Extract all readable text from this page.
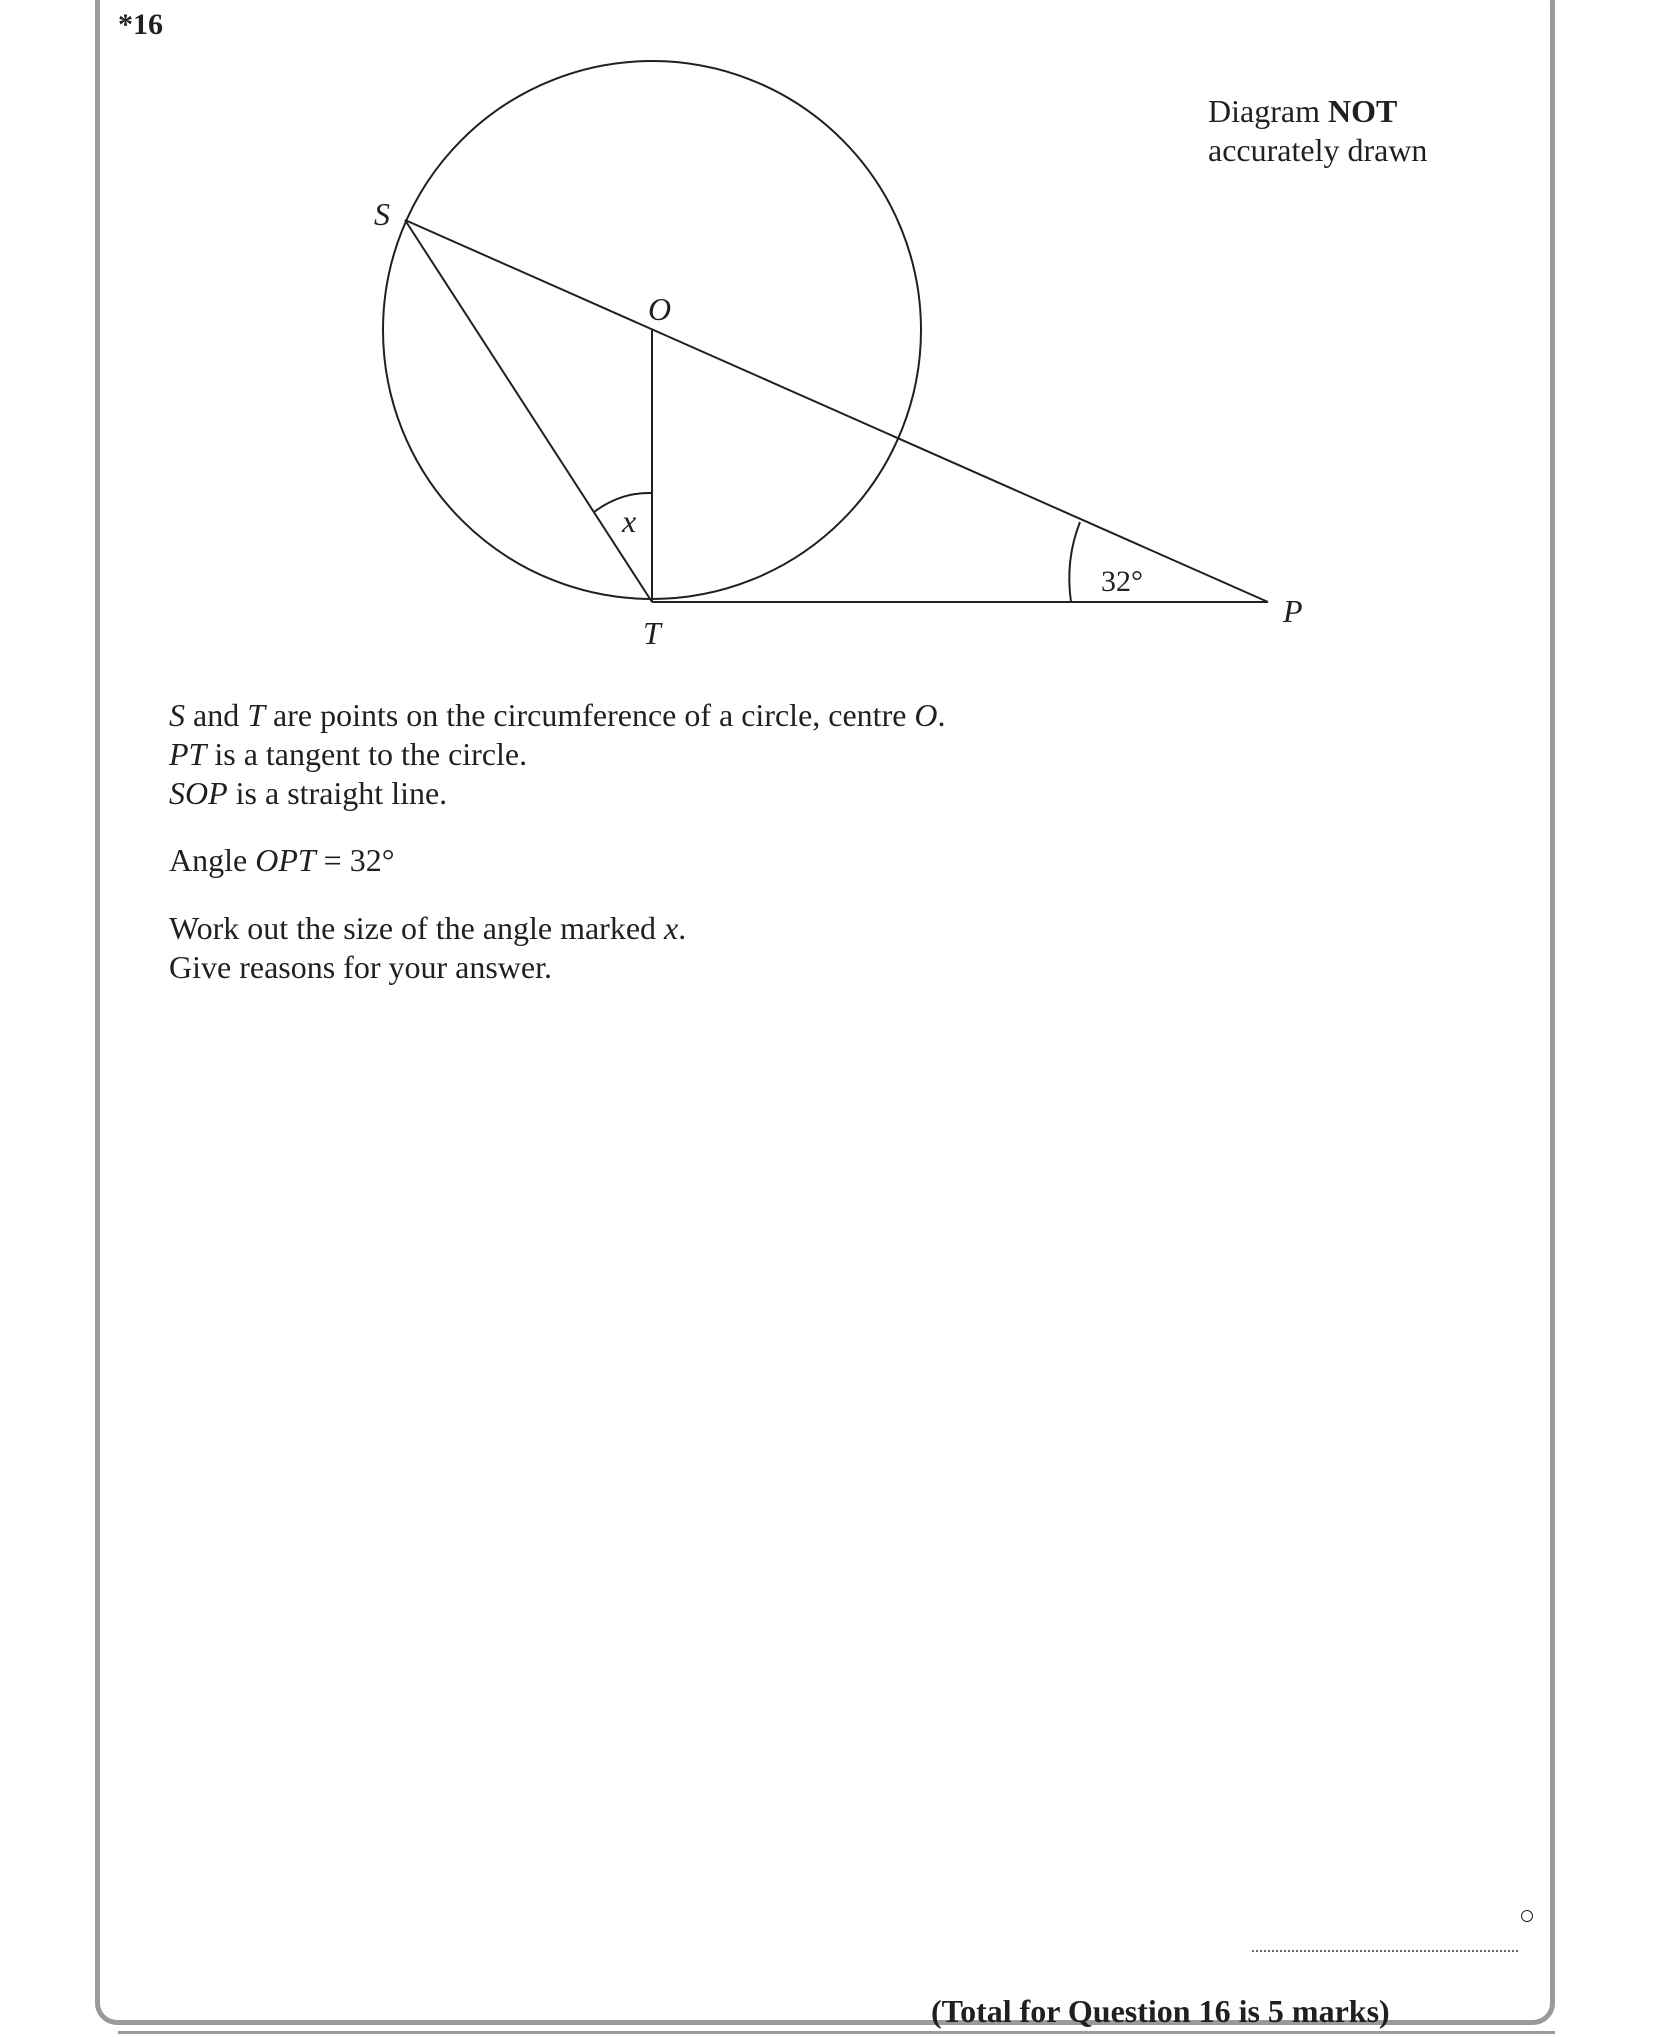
*16
Diagram NOT
accurately drawn
S
O
T
P
x
32°
S and T are points on the circumference of a circle, centre O.
PT is a tangent to the circle.
SOP is a straight line.
Angle OPT = 32°
Work out the size of the angle marked x.
Give reasons for your answer.
(Total for Question 16 is 5 marks)
